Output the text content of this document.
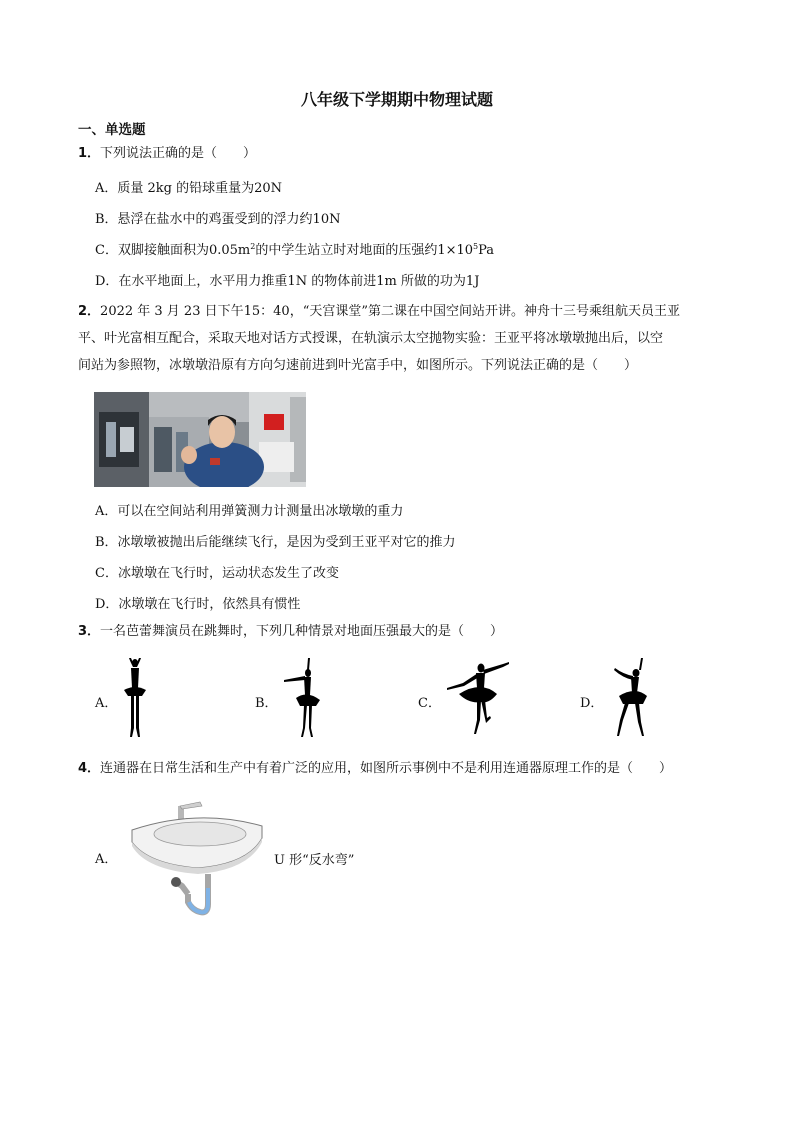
八年级下学期期中物理试题
一、单选题
1．下列说法正确的是（　　）
A．质量 2kg 的铅球重量为20N
B．悬浮在盐水中的鸡蛋受到的浮力约10N
C．双脚接触面积为$0.05m^2$的中学生站立时对地面的压强约$1\times 10^5Pa$
D．在水平地面上，水平用力推重1N 的物体前进1m 所做的功为1J
2．2022 年 3 月 23 日下午15：40，“天宫课堂”第二课在中国空间站开讲。神舟十三号乘组航天员王亚
平、叶光富相互配合，采取天地对话方式授课，在轨演示太空抛物实验：王亚平将冰墩墩抛出后，以空
间站为参照物，冰墩墩沿原有方向匀速前进到叶光富手中，如图所示。下列说法正确的是（　　）
A．可以在空间站利用弹簧测力计测量出冰墩墩的重力
B．冰墩墩被抛出后能继续飞行，是因为受到王亚平对它的推力
C．冰墩墩在飞行时，运动状态发生了改变
D．冰墩墩在飞行时，依然具有惯性
3．一名芭蕾舞演员在跳舞时，下列几种情景对地面压强最大的是（　　）
A．	B．	C．	D．
4．连通器在日常生活和生产中有着广泛的应用，如图所示事例中不是利用连通器原理工作的是（　　）
A．	U 形“反水弯”
